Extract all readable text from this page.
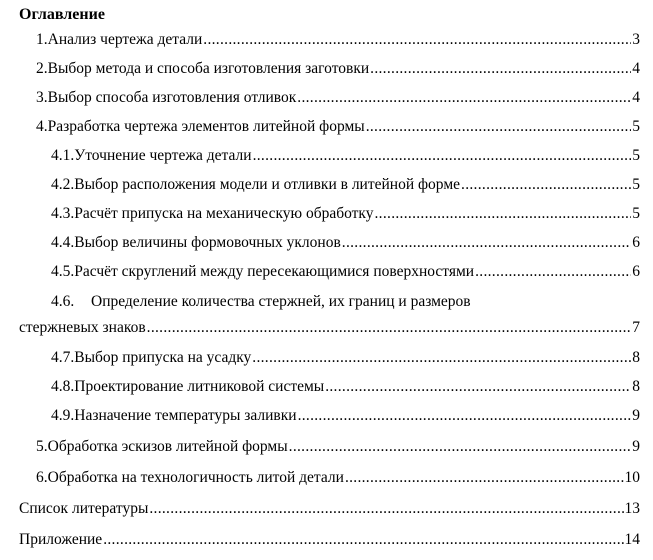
Оглавление
1. Анализ чертежа детали .....	3
2. Выбор метода и способа изготовления заготовки .....	4
3. Выбор способа изготовления отливок .....	4
4. Разработка чертежа элементов литейной формы .....	5
4.1. Уточнение чертежа детали .....	5
4.2. Выбор расположения модели и отливки в литейной форме .....	5
4.3. Расчёт припуска на механическую обработку .....	5
4.4. Выбор величины формовочных уклонов .....	6
4.5. Расчёт скруглений между пересекающимися поверхностями .....	6
4.6. Определение количества стержней, их границ и размеров
стержневых знаков .....	7
4.7. Выбор припуска на усадку .....	8
4.8. Проектирование литниковой системы .....	8
4.9. Назначение температуры заливки .....	9
5. Обработка эскизов литейной формы .....	9
6. Обработка на технологичность литой детали .....	10
Список литературы .....	13
Приложение .....	14
